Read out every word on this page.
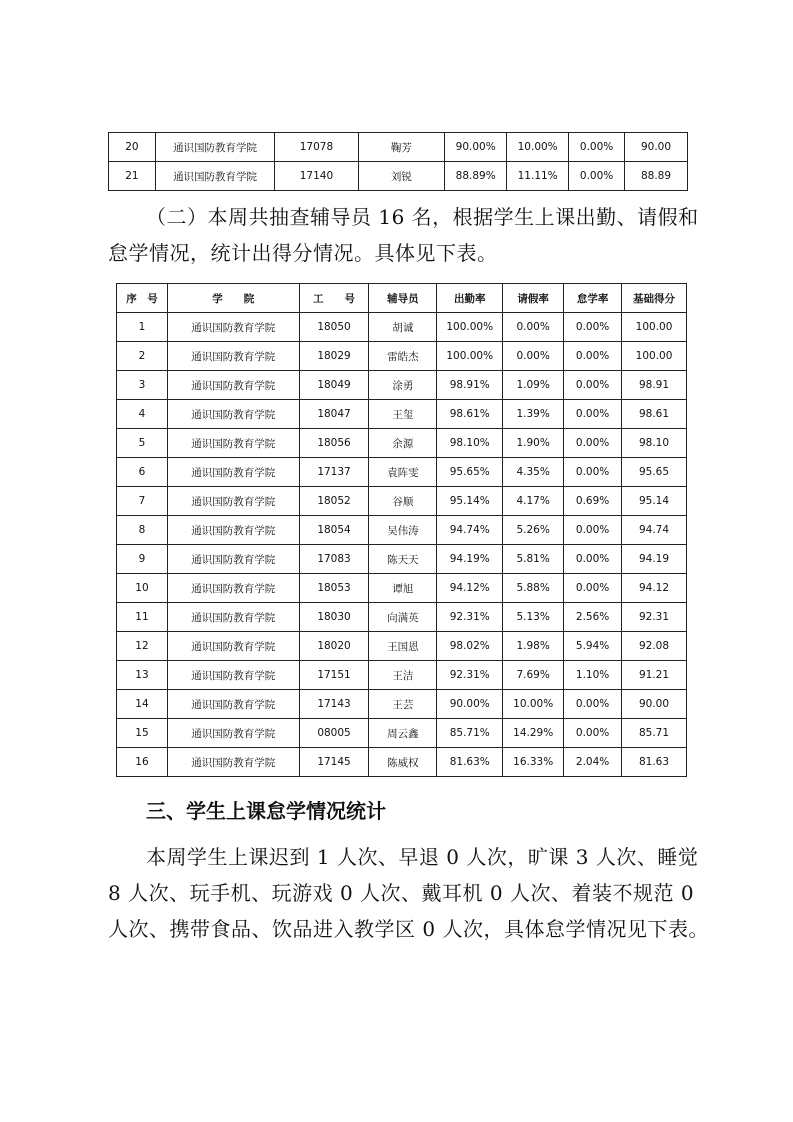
20	通识国防教育学院	17078	鞠芳	90.00%	10.00%	0.00%	90.00
21	通识国防教育学院	17140	刘锐	88.89%	11.11%	0.00%	88.89

（二）本周共抽查辅导员 16 名，根据学生上课出勤、请假和

怠学情况，统计出得分情况。具体见下表。

序　号	学　　院	工　　号	辅导员	出勤率	请假率	怠学率	基础得分
1	通识国防教育学院	18050	胡诚	100.00%	0.00%	0.00%	100.00
2	通识国防教育学院	18029	雷皓杰	100.00%	0.00%	0.00%	100.00
3	通识国防教育学院	18049	涂勇	98.91%	1.09%	0.00%	98.91
4	通识国防教育学院	18047	王玺	98.61%	1.39%	0.00%	98.61
5	通识国防教育学院	18056	余源	98.10%	1.90%	0.00%	98.10
6	通识国防教育学院	17137	袁阵雯	95.65%	4.35%	0.00%	95.65
7	通识国防教育学院	18052	谷顺	95.14%	4.17%	0.69%	95.14
8	通识国防教育学院	18054	吴伟涛	94.74%	5.26%	0.00%	94.74
9	通识国防教育学院	17083	陈天天	94.19%	5.81%	0.00%	94.19
10	通识国防教育学院	18053	谭旭	94.12%	5.88%	0.00%	94.12
11	通识国防教育学院	18030	向满英	92.31%	5.13%	2.56%	92.31
12	通识国防教育学院	18020	王国恩	98.02%	1.98%	5.94%	92.08
13	通识国防教育学院	17151	王洁	92.31%	7.69%	1.10%	91.21
14	通识国防教育学院	17143	王芸	90.00%	10.00%	0.00%	90.00
15	通识国防教育学院	08005	周云鑫	85.71%	14.29%	0.00%	85.71
16	通识国防教育学院	17145	陈威权	81.63%	16.33%	2.04%	81.63
三、学生上课怠学情况统计

本周学生上课迟到 1 人次、早退 0 人次，旷课 3 人次、睡觉

8 人次、玩手机、玩游戏 0 人次、戴耳机 0 人次、着装不规范 0

人次、携带食品、饮品进入教学区 0 人次，具体怠学情况见下表。
